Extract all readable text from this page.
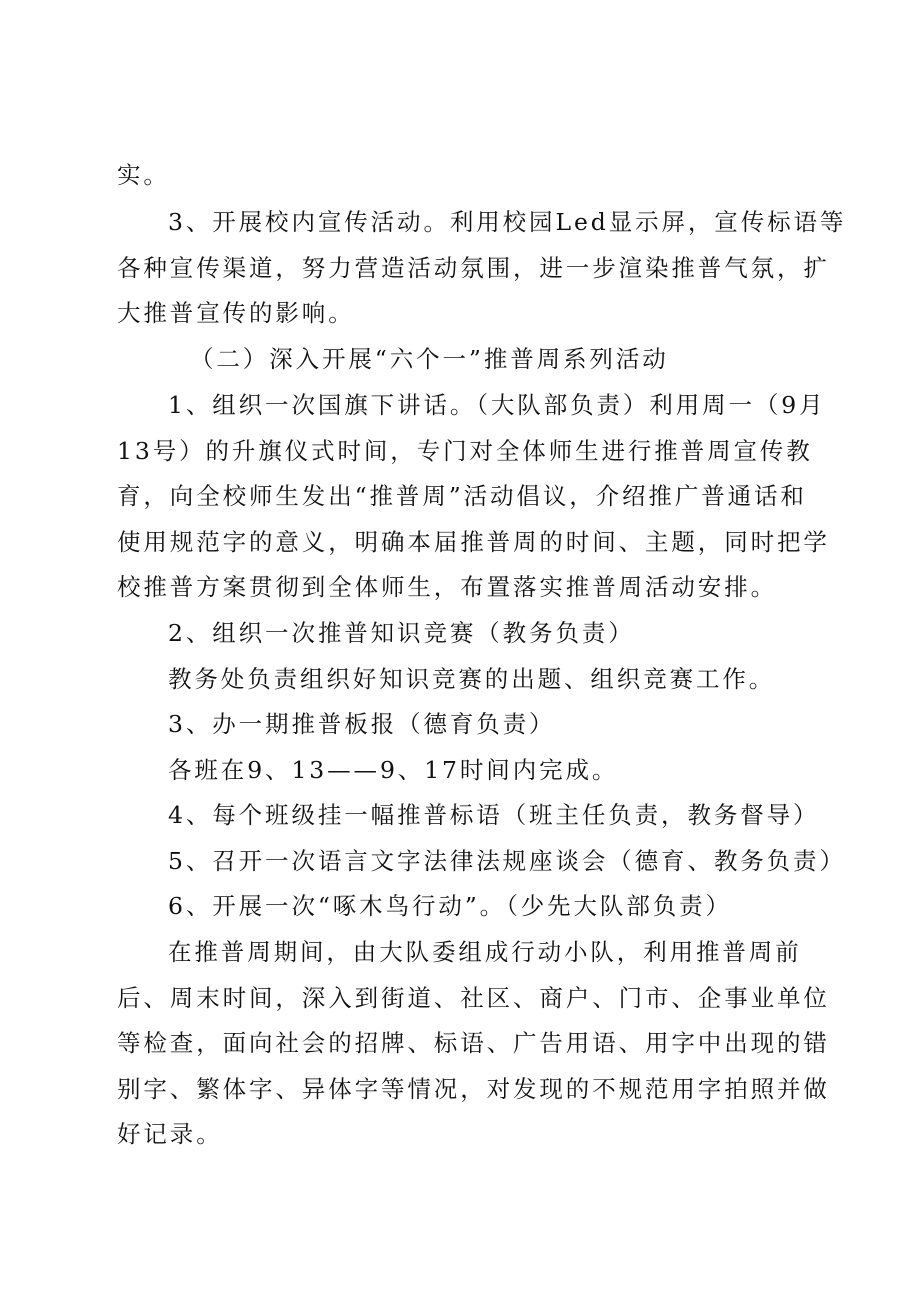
实。

3、开展校内宣传活动。利用校园Led显示屏，宣传标语等

各种宣传渠道，努力营造活动氛围，进一步渲染推普气氛，扩

大推普宣传的影响。

（二）深入开展“六个一”推普周系列活动

1、组织一次国旗下讲话。（大队部负责）利用周一（9月

13号）的升旗仪式时间，专门对全体师生进行推普周宣传教

育，向全校师生发出“推普周”活动倡议，介绍推广普通话和

使用规范字的意义，明确本届推普周的时间、主题，同时把学

校推普方案贯彻到全体师生，布置落实推普周活动安排。

2、组织一次推普知识竞赛（教务负责）

教务处负责组织好知识竞赛的出题、组织竞赛工作。

3、办一期推普板报（德育负责）

各班在9、13——9、17时间内完成。

4、每个班级挂一幅推普标语（班主任负责，教务督导）

5、召开一次语言文字法律法规座谈会（德育、教务负责）

6、开展一次“啄木鸟行动”。（少先大队部负责）

在推普周期间，由大队委组成行动小队，利用推普周前

后、周末时间，深入到街道、社区、商户、门市、企事业单位

等检查，面向社会的招牌、标语、广告用语、用字中出现的错

别字、繁体字、异体字等情况，对发现的不规范用字拍照并做

好记录。
